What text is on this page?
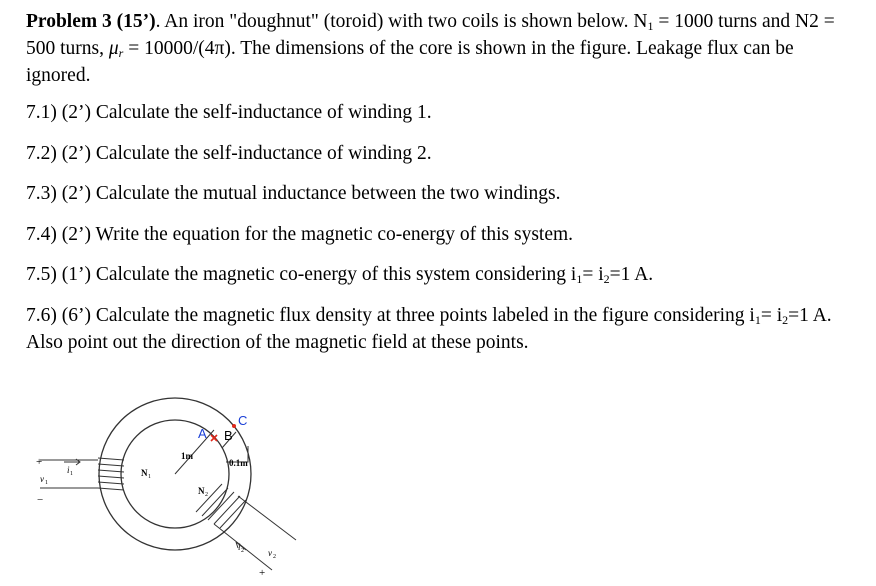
Problem 3 (15’). An iron "doughnut" (toroid) with two coils is shown below. $N_1 = 1000$ turns and N2 = 500 turns, $\mu_r = 10000/(4\pi)$. The dimensions of the core is shown in the figure. Leakage flux can be ignored.

7.1) (2’) Calculate the self-inductance of winding 1.

7.2) (2’) Calculate the self-inductance of winding 2.

7.3) (2’) Calculate the mutual inductance between the two windings.

7.4) (2’) Write the equation for the magnetic co-energy of this system.

7.5) (1’) Calculate the magnetic co-energy of this system considering $i_1= i_2=1$ A.

7.6) (6’) Calculate the magnetic flux density at three points labeled in the figure considering $i_1= i_2=1$ A. Also point out the direction of the magnetic field at these points.

+
−
v 1
i 1	N 1
N 2
i 2	v 2
+
1m
0.1m
A B
C
